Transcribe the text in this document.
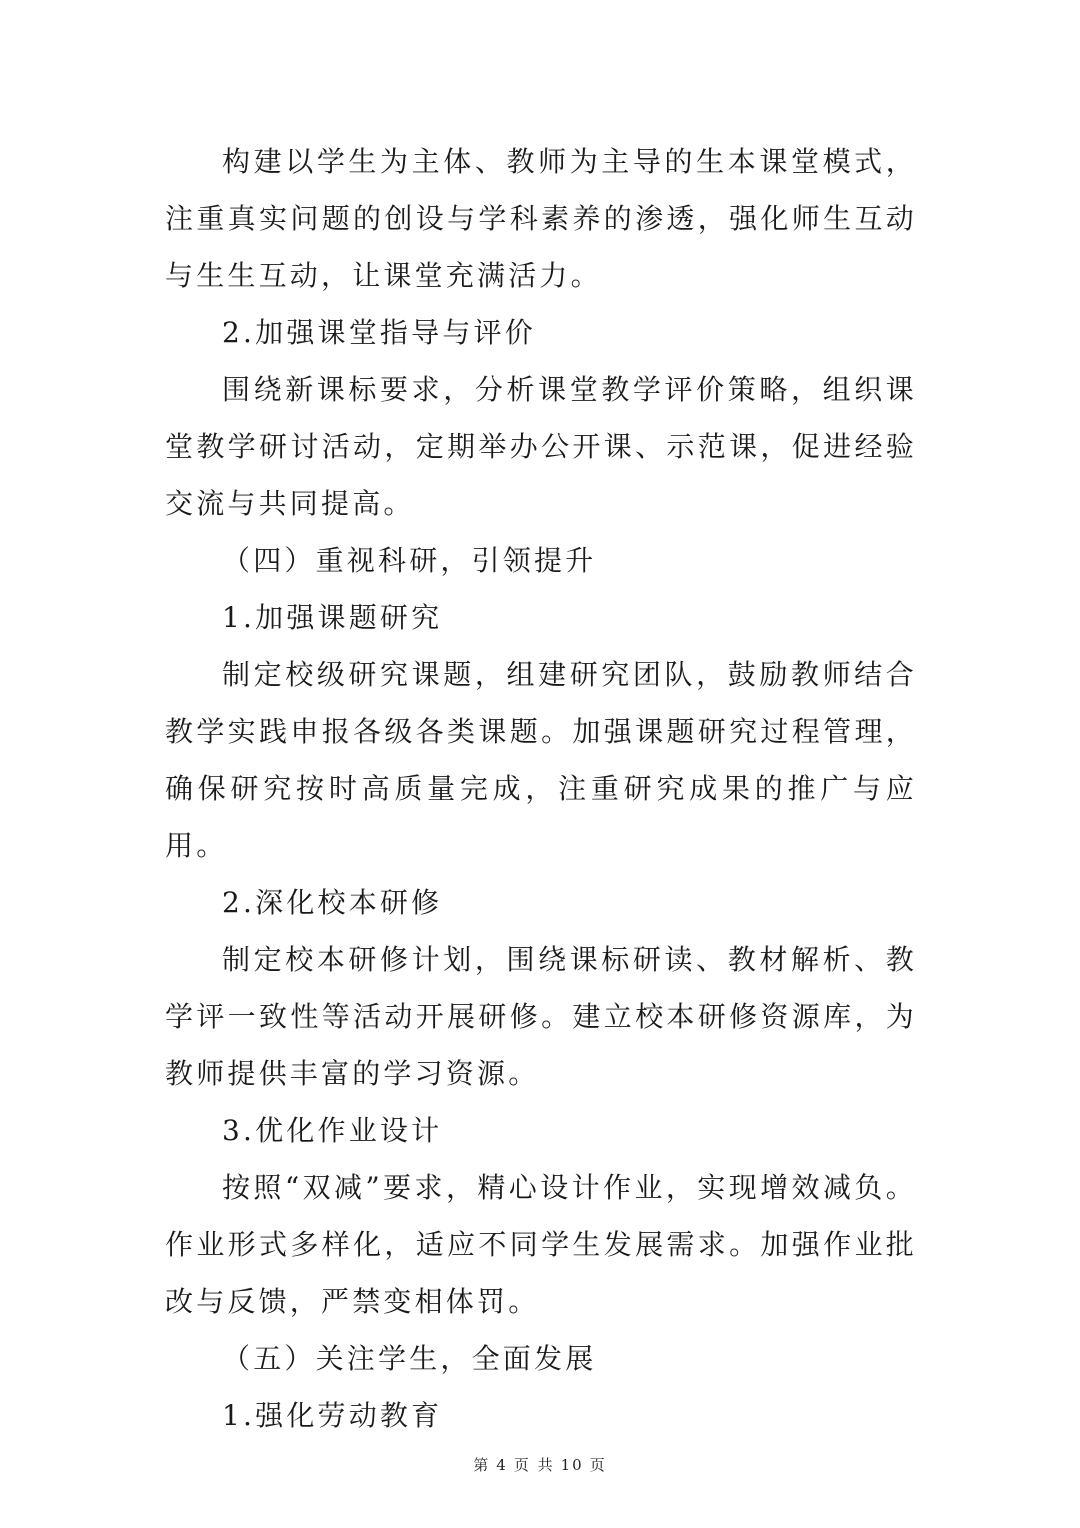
构建以学生为主体、教师为主导的生本课堂模式，注重真实问题的创设与学科素养的渗透，强化师生互动与生生互动，让课堂充满活力。

2.加强课堂指导与评价

围绕新课标要求，分析课堂教学评价策略，组织课堂教学研讨活动，定期举办公开课、示范课，促进经验交流与共同提高。

（四）重视科研，引领提升

1.加强课题研究

制定校级研究课题，组建研究团队，鼓励教师结合教学实践申报各级各类课题。加强课题研究过程管理，确保研究按时高质量完成，注重研究成果的推广与应用。

2.深化校本研修

制定校本研修计划，围绕课标研读、教材解析、教学评一致性等活动开展研修。建立校本研修资源库，为教师提供丰富的学习资源。

3.优化作业设计

按照“双减”要求，精心设计作业，实现增效减负。作业形式多样化，适应不同学生发展需求。加强作业批改与反馈，严禁变相体罚。

（五）关注学生，全面发展

1.强化劳动教育

第 4 页 共 10 页
